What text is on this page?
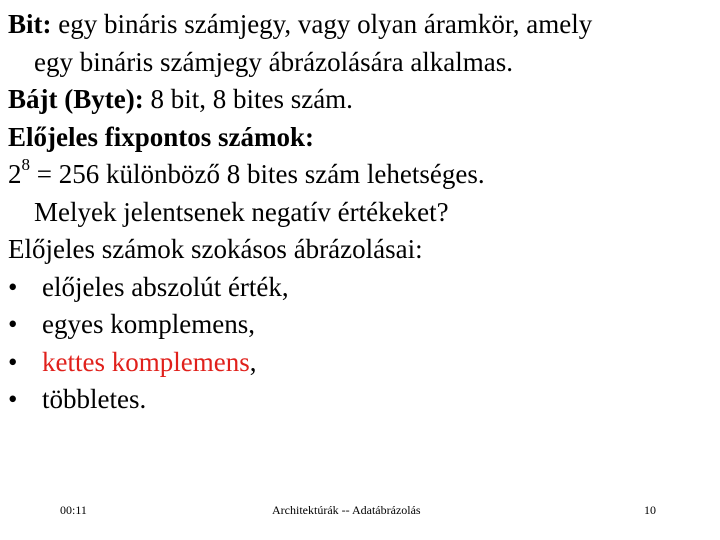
Bit: egy bináris számjegy, vagy olyan áramkör, amely
egy bináris számjegy ábrázolására alkalmas.
Bájt (Byte): 8 bit, 8 bites szám.
Előjeles fixpontos számok:
$2^8 = 256$ különböző 8 bites szám lehetséges.
Melyek jelentsenek negatív értékeket?
Előjeles számok szokásos ábrázolásai:
• előjeles abszolút érték,
• egyes komplemens,
• kettes komplemens ,
• többletes.
00:11	Architektúrák -- Adatábrázolás	10
